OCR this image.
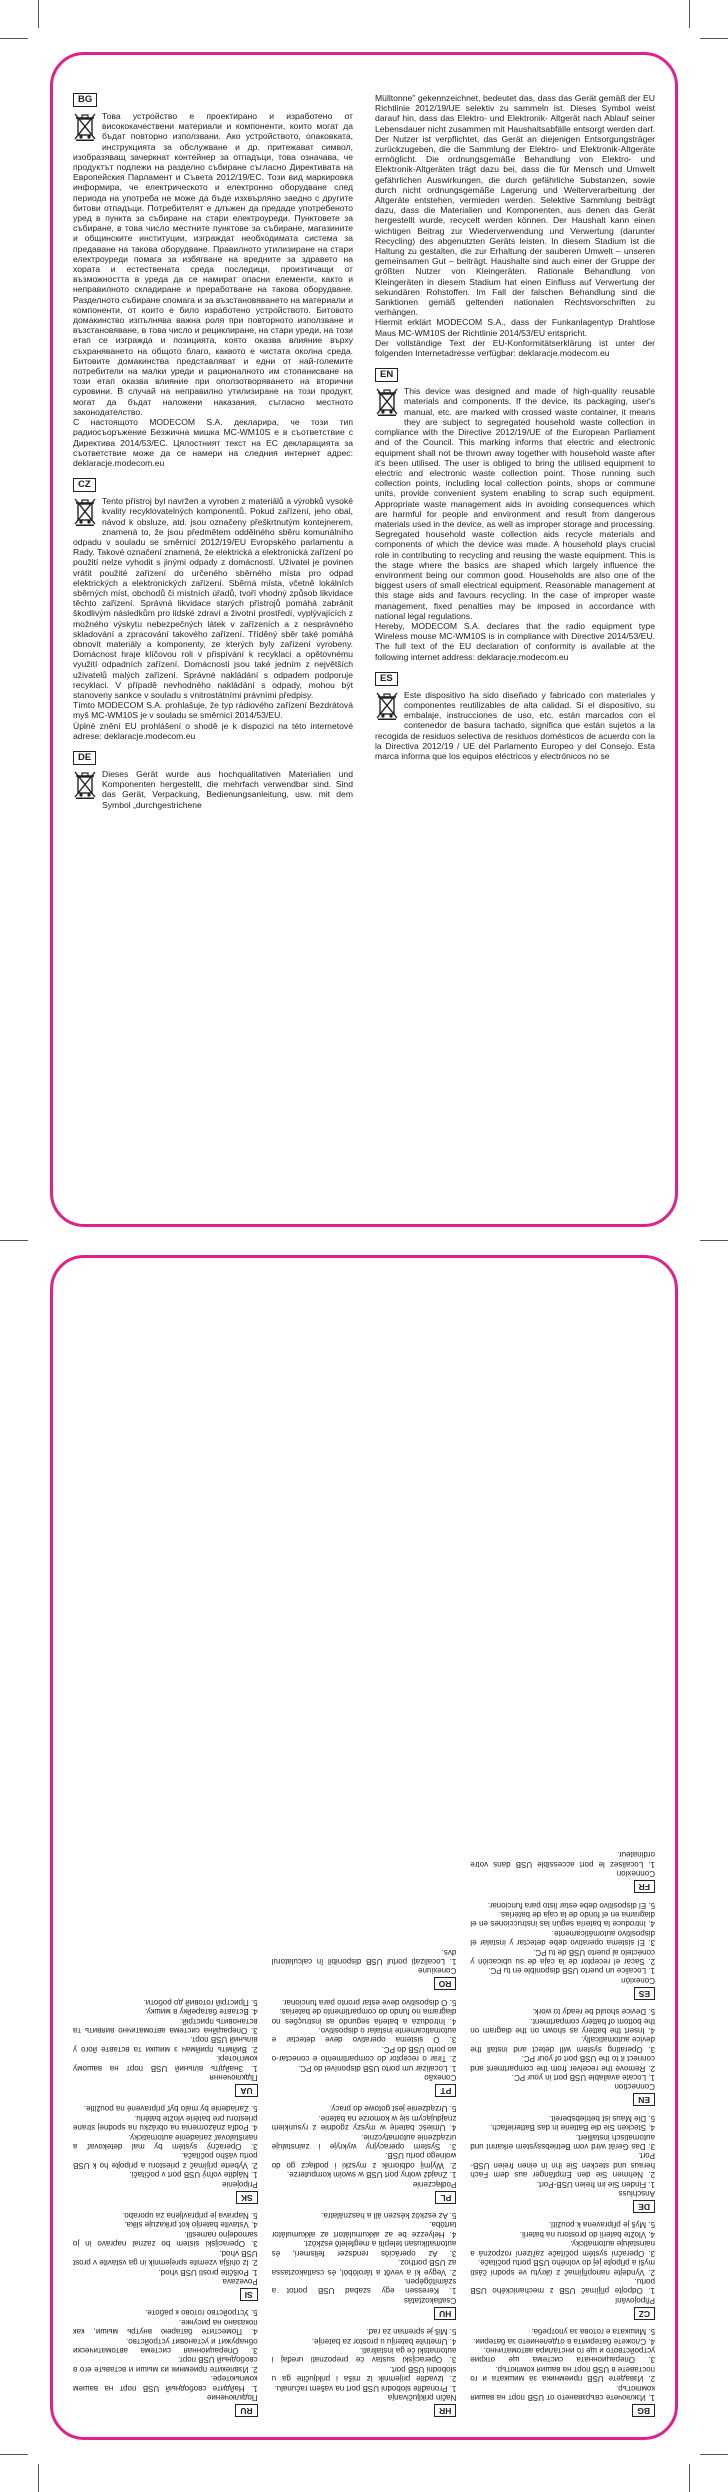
BG

Това устройство е проектирано и изработено от висококачествени материали и компоненти, които могат да бъдат повторно използвани. Ако устройството, опаковката, инструкцията за обслужване и др. притежават символ, изобразяващ зачеркнат контейнер за отпадъци, това означава, че продуктът подлежи на разделно събиране съгласно Директивата на Европейския Парламент и Съвета 2012/19/ЕС. Този вид маркировка информира, че електрическото и електронно оборудване след периода на употреба не може да бъде изхвърляно заедно с другите битови отпадъци. Потребителят е длъжен да предаде употребеното уред в пункта за събиране на стари електроуреди. Пунктовете за събиране, в това число местните пунктове за събиране, магазините и общинските институции, изграждат необходимата система за предаване на такова оборудване. Правилното утилизиране на стари електроуреди помага за избягване на вредните за здравето на хората и естествената среда последици, произтичащи от възможността в уреда да се намират опасни елементи, както и неправилното складиране и преработване на такова оборудване. Разделното събиране спомага и за възстановяването на материали и компоненти, от които е било изработено устройството. Битовото домакинство изпълнява важна роля при повторното използване и възстановяване, в това число и рециклиране, на стари уреди, на този етап се изгражда и позицията, която оказва влияние върху съхраняването на общото благо, каквото е чистата околна среда. Битовите домакинства представляват и едни от най-големите потребители на малки уреди и рационалното им стопанисване на този етап оказва влияние при оползотворяването на вторични суровини. В случай на неправилно утилизиране на този продукт, могат да бъдат наложени наказания, съгласно местното законодателство.

С настоящото MODECOM S.A. декларира, че този тип радиосъоръжение Безжична мишка MC-WM10S е в съответствие с Директива 2014/53/ЕС. Цялостният текст на ЕС декларацията за съответствие може да се намери на следния интернет адрес: deklaracje.modecom.eu

CZ

Tento přístroj byl navržen a vyroben z materiálů a výrobků vysoké kvality recyklovatelných komponentů. Pokud zařízení, jeho obal, návod k obsluze, atd. jsou označeny přeškrtnutým kontejnerem, znamená to, že jsou předmětem oddělného sběru komunálního odpadu v souladu se směrnicí 2012/19/EU Evropského parlamentu a Rady. Takové označení znamená, že elektrická a elektronická zařízení po použití nelze vyhodit s jinými odpady z domácností. Uživatel je povinen vrátit použité zařízení do určeného sběrného místa pro odpad elektrických a elektronických zařízení. Sběrná místa, včetně lokálních sběrných míst, obchodů či místních úřadů, tvoří vhodný způsob likvidace těchto zařízení. Správná likvidace starých přístrojů pomáhá zabránit škodlivým následkům pro lidské zdraví a životní prostředí, vyplývajících z možného výskytu nebezpečných látek v zařízeních a z nesprávného skladování a zpracování takového zařízení. Tříděný sběr také pomáhá obnovit materiály a komponenty, ze kterých byly zařízení vyrobeny. Domácnost hraje klíčovou roli v přispívání k recyklaci a opětovnému využití odpadních zařízení. Domácnosti jsou také jedním z největších uživatelů malých zařízení. Správné nakládání s odpadem podporuje recyklaci. V případě nevhodného nakládání s odpady, mohou být stanoveny sankce v souladu s vnitrostátními právními předpisy.

Tímto MODECOM S.A. prohlašuje, že typ rádiového zařízení Bezdrátová myš MC-WM10S je v souladu se směrnicí 2014/53/EU.

Úplné znění EU prohlášení o shodě je k dispozici na této internetové adrese: deklaracje.modecom.eu

DE

Dieses Gerät wurde aus hochqualitativen Materialien und Komponenten hergestellt, die mehrfach verwendbar sind. Sind das Gerät, Verpackung, Bedienungsanleitung, usw. mit dem Symbol „durchgestrichene

Mülltonne" gekennzeichnet, bedeutet das, dass das Gerät gemäß der EU Richtlinie 2012/19/UE selektiv zu sammeln ist. Dieses Symbol weist darauf hin, dass das Elektro- und Elektronik- Altgerät nach Ablauf seiner Lebensdauer nicht zusammen mit Haushaltsabfälle entsorgt werden darf. Der Nutzer ist verpflichtet, das Gerät an diejenigen Entsorgungsträger zurückzugeben, die die Sammlung der Elektro- und Elektronik-Altgeräte ermöglicht. Die ordnungsgemäße Behandlung von Elektro- und Elektronik-Altgeräten trägt dazu bei, dass die für Mensch und Umwelt gefährlichen Auswirkungen, die durch gefährliche Substanzen, sowie durch nicht ordnungsgemäße Lagerung und Weiterverarbeitung der Altgeräte entstehen, vermieden werden. Selektive Sammlung beiträgt dazu, dass die Materialien und Komponenten, aus denen das Gerät hergestellt wurde, recycelt werden können. Der Haushalt kann einen wichtigen Beitrag zur Wiederverwendung und Verwertung (darunter Recycling) des abgenutzten Geräts leisten. In diesem Stadium ist die Haltung zu gestalten, die zur Erhaltung der sauberen Umwelt – unseren gemeinsamen Gut – beiträgt. Haushalte sind auch einer der Gruppe der größten Nutzer von Kleingeräten. Rationale Behandlung von Kleingeräten in diesem Stadium hat einen Einfluss auf Verwertung der sekundären Rohstoffen. Im Fall der falschen Behandlung sind die Sanktionen gemäß geltenden nationalen Rechtsvorschriften zu verhängen.

Hiermit erklärt MODECOM S.A., dass der Funkanlagentyp Drahtlose Maus MC-WM10S der Richtlinie 2014/53/EU entspricht.

Der vollständige Text der EU-Konformitätserklärung ist unter der folgenden Internetadresse verfügbar: deklaracje.modecom.eu

EN

This device was designed and made of high-quality reusable materials and components. If the device, its packaging, user's manual, etc. are marked with crossed waste container, it means they are subject to segregated household waste collection in compliance with the Directive 2012/19/UE of the European Parliament and of the Council. This marking informs that electric and electronic equipment shall not be thrown away together with household waste after it's been utilised. The user is obliged to bring the utilised equipment to electric and electronic waste collection point. Those running such collection points, including local collection points, shops or commune units, provide convenient system enabling to scrap such equipment. Appropriate waste management aids in avoiding consequences which are harmful for people and environment and result from dangerous materials used in the device, as well as improper storage and processing. Segregated household waste collection aids recycle materials and components of which the device was made. A household plays crucial role in contributing to recycling and reusing the waste equipment. This is the stage where the basics are shaped which largely influence the environment being our common good. Households are also one of the biggest users of small electrical equipment. Reasonable management at this stage aids and favours recycling. In the case of improper waste management, fixed penalties may be imposed in accordance with national legal regulations.

Hereby, MODECOM S.A. declares that the radio equipment type Wireless mouse MC-WM10S is in compliance with Directive 2014/53/EU. The full text of the EU declaration of conformity is available at the following internet address: deklaracje.modecom.eu

ES

Este dispositivo ha sido diseñado y fabricado con materiales y componentes reutilizables de alta calidad. Si el dispositivo, su embalaje, instrucciones de uso, etc. están marcados con el contenedor de basura tachado, significa que están sujetos a la recogida de residuos selectiva de residuos domésticos de acuerdo con la la Directiva 2012/19 / UE del Parlamento Europeo y del Consejo. Esta marca informa que los equipos eléctricos y electrónicos no se

BG

1. Изключете свързването от USB порт на вашия компютър.

2. Извадете USB приемника за мишката и го поставете в USB порт на вашия компютър.

3. Операционната система ще открие устройството и ще го инсталира автоматично.

4. Сложете батерията в отделението за батерии.

5. Мишката е готова за употреба.

CZ

Připojování

1. Odpojte přijímač USB z mechanického USB portu.

2. Vyndejte nanopřijímač z úkrytu ve spodní části myši a připojte jej do volného USB portu počítače.

3. Operační systém počítače zařízení rozpozná a nainstaluje automaticky.

4. Vložte baterii do prostoru na baterii.

5. Myš je připravena k použití.

DE

Anschluss

1. Finden Sie im freien USB-Port.

2. Nehmen Sie den Empfänger aus dem Fach heraus und stecken Sie ihn in einen freien USB-Port.

3. Das Gerät wird vom Betriebssystem erkannt und automatisch installiert.

4. Stecken Sie die Batterie in das Batteriefach.

5. Die Maus ist betriebsbereit.

EN

Connection

1. Locate available USB port in your PC.

2. Remove the receiver from the compartment and connect it to the USB port of your PC.

3. Operating system will detect and install the device automatically.

4. Insert the battery as shown on the diagram on the bottom of battery compartment.

5. Device should be ready to work.

ES

Conexión

1. Localice un puerto USB disponible en tu PC.

2. Sacar el receptor de la caja de su ubicación y conéctelo al puerto USB de tu PC.

3. El sistema operativo debe detectar y instalar el dispositivo automáticamente.

4. Introduce la batería según las instrucciones en el diagrama en el fondo de la caja de baterías.

5. El dispositivo debe estar listo para funcionar.

FR

Connexion

1. Localisez le port accessible USB dans votre ordinateur.

HR

Način priključivanja

1. Pronađite slobodni USB port na vašem računalu.

2. Izvadite prijemnik iz miša i priključite ga u slobodni USB port.

3. Operacijski sustav će prepoznati uređaj i automatski će ga instalirati.

4. Umetnite bateriju u prostor za baterije.

5. Miš je spreman za rad.

HU

Csatlakoztatás

1. Keressen egy szabad USB portot a számítógépen.

2. Vegye ki a vevőt a tárolóból, és csatlakoztassa az USB porthoz.

3. Az operációs rendszer felismeri, és automatikusan telepíti a megfelelő eszközt.

4. Helyezze be az akkumulátort az akkumulátor tartóba.

5. Az eszköz készen áll a használatra.

PL

Podłączenie

1. Znajdź wolny port USB w swoim komputerze.

2. Wyjmij odbiornik z myszki i podłącz go do wolnego portu USB.

3. System operacyjny wykryje i zainstaluje urządzenie automatycznie.

4. Umieść baterię w myszy zgodnie z rysunkiem znajdującym się w komorze na baterie.

5. Urządzenie jest gotowe do pracy.

PT

Conexão

1. Localizar um porto USB disponível do PC.

2. Tirar o receptor do compartimento e conectar-o ao porto USB do PC.

3. O sistema operativo deve detectar e automaticamente instalar o dispositivo.

4. Introduza a bateria segundo as instruções no diagrama no fundo do compartimento de baterias.

5. O dispositivo deve estar pronto para funcionar.

RO

Conexiune

1. Localizați portul USB disponibil în calculatorul dvs.

RU

Подключение

1. Найдите свободный USB порт на вашем компьютере.

2. Извлеките приемник из мыши и вставьте его в свободный USB порт.

3. Операционная система автоматически обнаружит и установит устройство.

4. Поместите батарею внутрь мыши, как показано на рисунке.

5. Устройство готово к работе.

SI

Povezava

1. Poiščite prosti USB vhod.

2. Iz ohišja vzemite sprejemnik in ga vstavite v prost USB vhod.

3. Operacijski sistem bo zaznal napravo in jo samodejno namestil.

4. Vstavite baterijo kot prikazuje slika.

5. Naprava je pripravljena za uporabo.

SK

Pripojenie

1. Nájdite voľný USB port v počítači.

2. Vyberte prijímač z priestoru a pripojte ho k USB portu vášho počítača.

3. Operačný systém by mal detekovať a nainštalovať zariadenie automaticky.

4. Podľa znázornenia na obrázku na spodnej strane priestoru pre batérie vložte batériu.

5. Zariadenie by malo byť pripravené na použitie.

UA

Підключення

1. Знайдіть вільний USB порт на вашому комп'ютері.

2. Вийміть приймач з мишки та вставте його у вільний USB порт.

3. Операційна система автоматично виявить та встановить пристрій.

4. Вставте батарейку в мишку.

5. Пристрій готовий до роботи.
